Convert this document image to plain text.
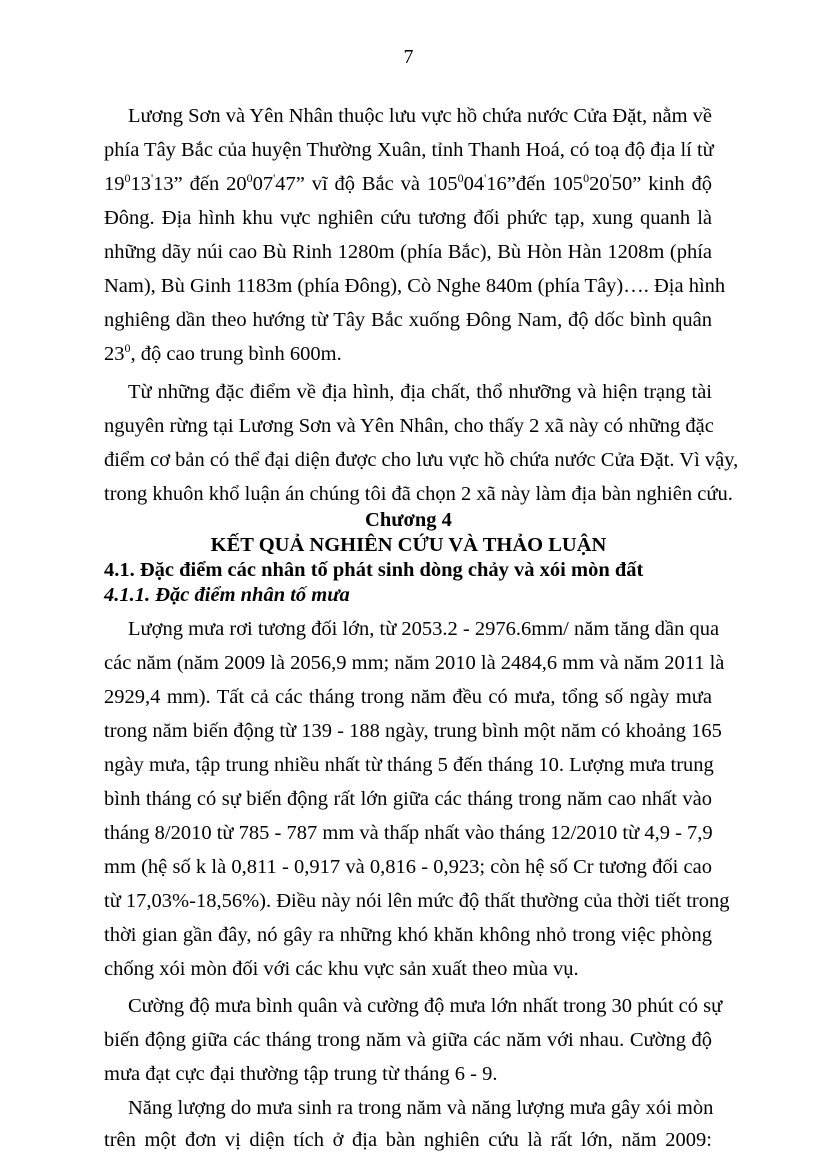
7
Lương Sơn và Yên Nhân thuộc lưu vực hồ chứa nước Cửa Đặt, nằm về
phía Tây Bắc của huyện Thường Xuân, tỉnh Thanh Hoá, có toạ độ địa lí từ
$19^013'13$” đến $20^007'47$” vĩ độ Bắc và $105^004'16”đến$ $105^020'50$” kinh độ
Đông. Địa hình khu vực nghiên cứu tương đối phức tạp, xung quanh là
những dãy núi cao Bù Rinh 1280m (phía Bắc), Bù Hòn Hàn 1208m (phía
Nam), Bù Ginh 1183m (phía Đông), Cò Nghe 840m (phía Tây)…. Địa hình
nghiêng dần theo hướng từ Tây Bắc xuống Đông Nam, độ dốc bình quân
$23^0$, độ cao trung bình 600m.
Từ những đặc điểm về địa hình, địa chất, thổ nhưỡng và hiện trạng tài
nguyên rừng tại Lương Sơn và Yên Nhân, cho thấy 2 xã này có những đặc
điểm cơ bản có thể đại diện được cho lưu vực hồ chứa nước Cửa Đặt. Vì vậy,
trong khuôn khổ luận án chúng tôi đã chọn 2 xã này làm địa bàn nghiên cứu.
Chương 4
KẾT QUẢ NGHIÊN CỨU VÀ THẢO LUẬN
4.1. Đặc điểm các nhân tố phát sinh dòng chảy và xói mòn đất
4.1.1. Đặc điểm nhân tố mưa
Lượng mưa rơi tương đối lớn, từ 2053.2 - 2976.6mm/ năm tăng dần qua
các năm (năm 2009 là 2056,9 mm; năm 2010 là 2484,6 mm và năm 2011 là
2929,4 mm). Tất cả các tháng trong năm đều có mưa, tổng số ngày mưa
trong năm biến động từ 139 - 188 ngày, trung bình một năm có khoảng 165
ngày mưa, tập trung nhiều nhất từ tháng 5 đến tháng 10. Lượng mưa trung
bình tháng có sự biến động rất lớn giữa các tháng trong năm cao nhất vào
tháng 8/2010 từ 785 - 787 mm và thấp nhất vào tháng 12/2010 từ 4,9 - 7,9
mm (hệ số k là 0,811 - 0,917 và 0,816 - 0,923; còn hệ số Cr tương đối cao
từ 17,03%-18,56%). Điều này nói lên mức độ thất thường của thời tiết trong
thời gian gần đây, nó gây ra những khó khăn không nhỏ trong việc phòng
chống xói mòn đối với các khu vực sản xuất theo mùa vụ.
Cường độ mưa bình quân và cường độ mưa lớn nhất trong 30 phút có sự
biến động giữa các tháng trong năm và giữa các năm với nhau. Cường độ
mưa đạt cực đại thường tập trung từ tháng 6 - 9.
Năng lượng do mưa sinh ra trong năm và năng lượng mưa gây xói mòn
trên một đơn vị diện tích ở địa bàn nghiên cứu là rất lớn, năm 2009:
